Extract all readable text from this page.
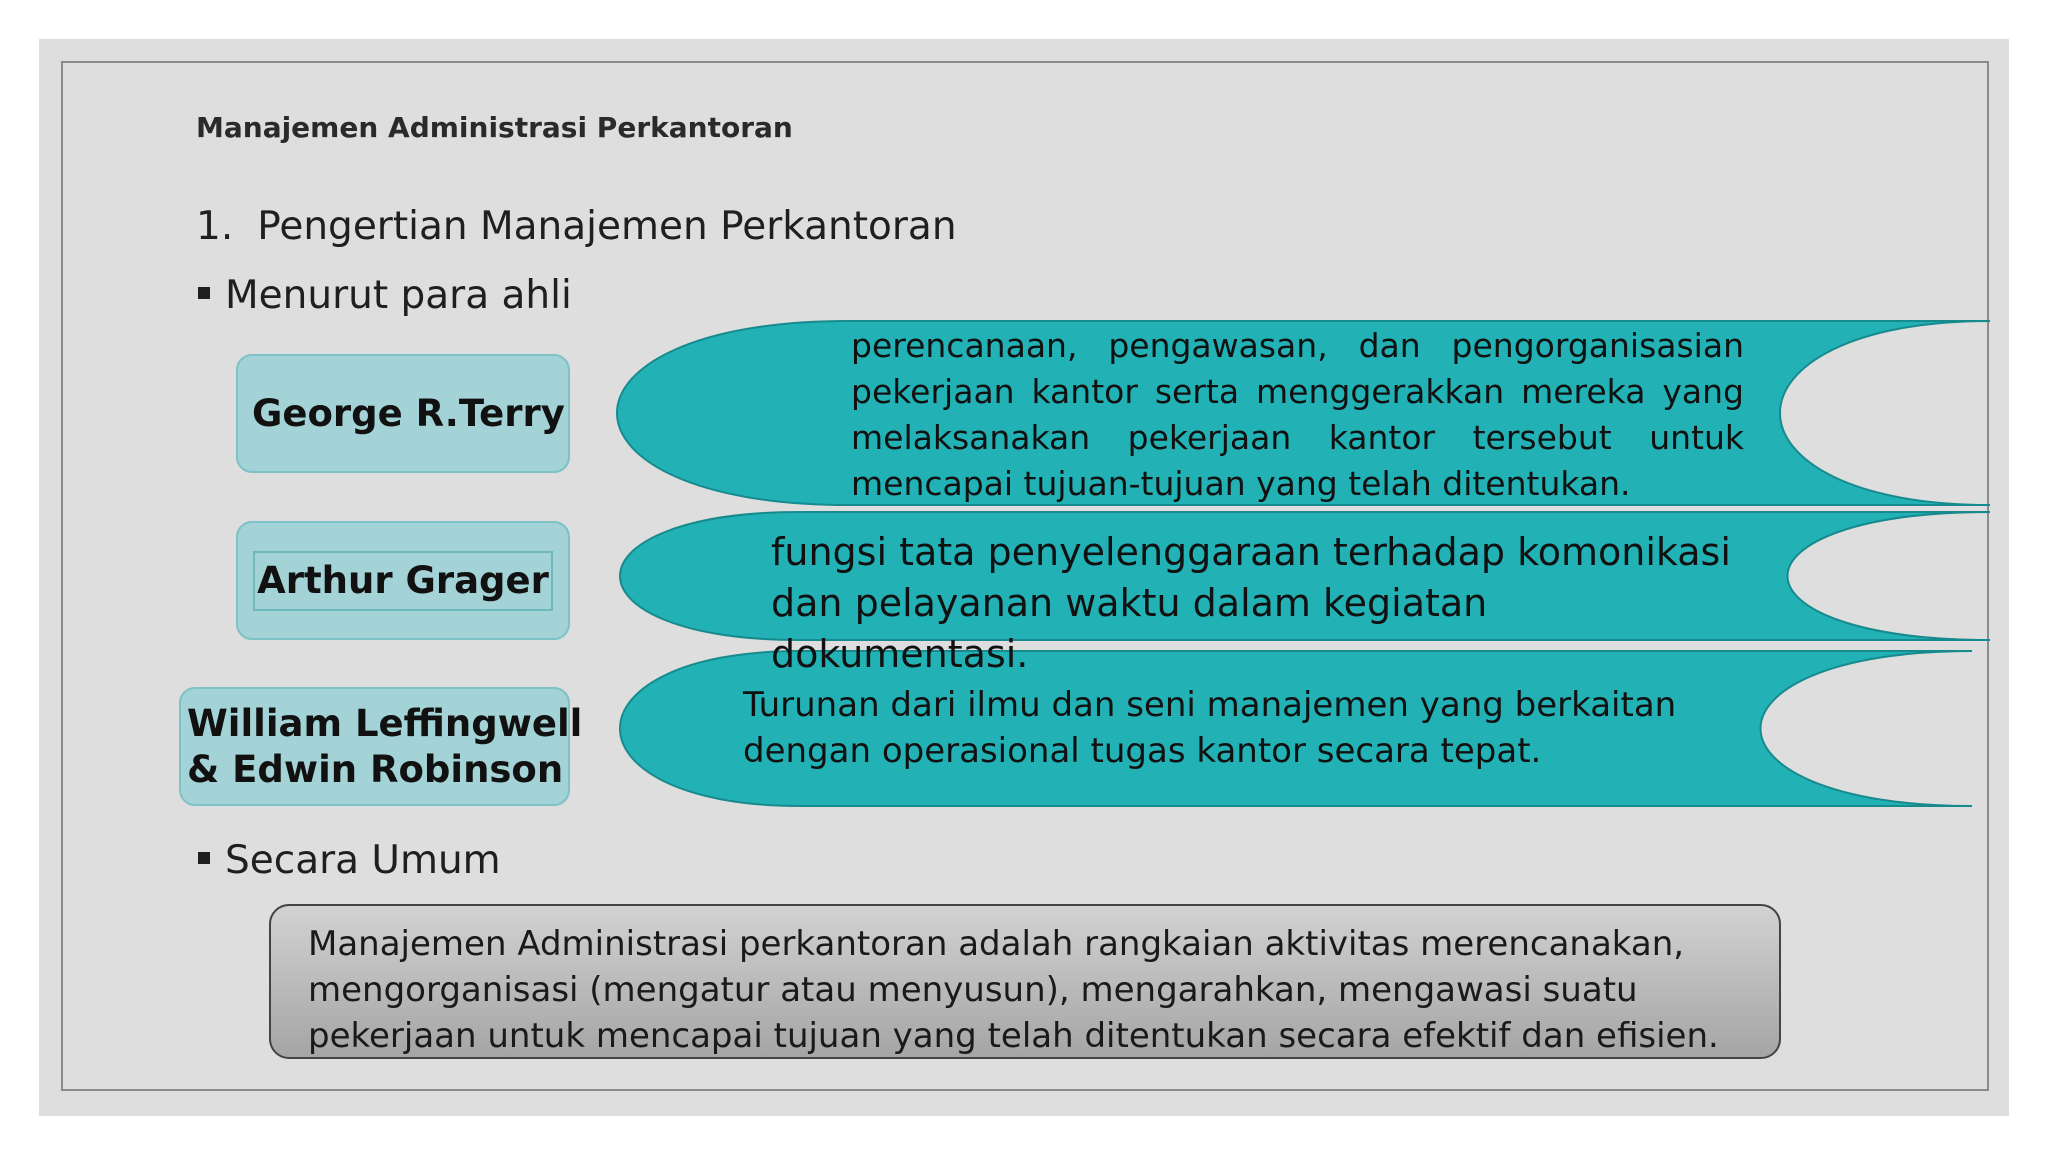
Manajemen Administrasi Perkantoran
1. Pengertian Manajemen Perkantoran
Menurut para ahli
George R.Terry
perencanaan, pengawasan, dan pengorganisasian pekerjaan kantor serta menggerakkan mereka yang melaksanakan pekerjaan kantor tersebut untuk mencapai tujuan-tujuan yang telah ditentukan.
Arthur Grager
fungsi tata penyelenggaraan terhadap komonikasi dan pelayanan waktu dalam kegiatan dokumentasi.
William Leffingwell
& Edwin Robinson
Turunan dari ilmu dan seni manajemen yang berkaitan dengan operasional tugas kantor secara tepat.
Secara Umum
Manajemen Administrasi perkantoran adalah rangkaian aktivitas merencanakan, mengorganisasi (mengatur atau menyusun), mengarahkan, mengawasi suatu pekerjaan untuk mencapai tujuan yang telah ditentukan secara efektif dan efisien.
